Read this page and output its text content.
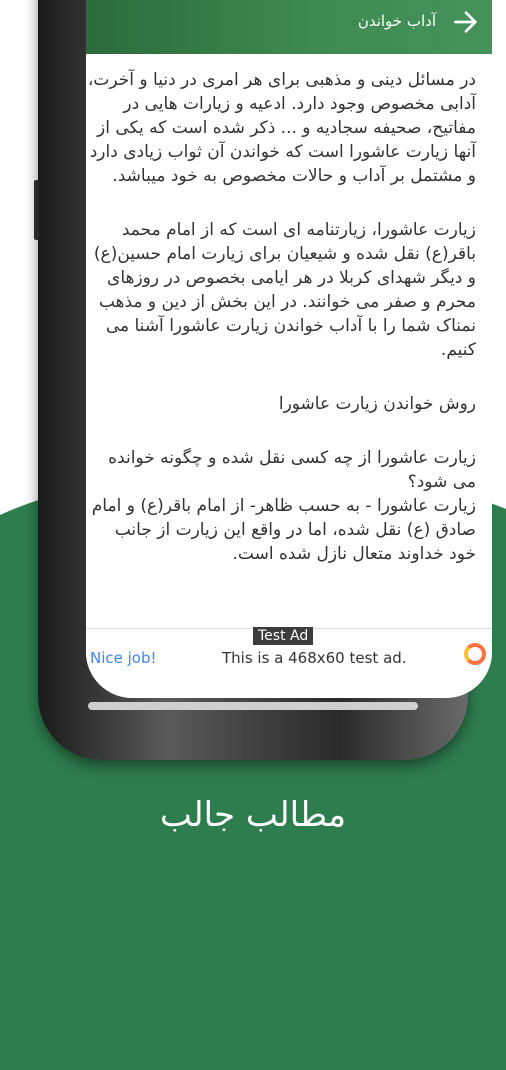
آداب خواندن

در مسائل دینی و مذهبی برای هر امری در دنیا و آخرت، آدابی مخصوص وجود دارد. ادعیه و زیارات هایی در مفاتیح، صحیفه سجادیه و ... ذکر شده است که یکی از آنها زیارت عاشورا است که خواندن آن ثواب زیادی دارد و مشتمل بر آداب و حالات مخصوص به خود میباشد.

زیارت عاشورا، زیارتنامه ای است که از امام محمد باقر(ع) نقل شده و شیعیان برای زیارت امام حسین(ع) و دیگر شهدای کربلا در هر ایامی بخصوص در روزهای محرم و صفر می خوانند. در این بخش از دین و مذهب نمناک شما را با آداب خواندن زیارت عاشورا آشنا می کنیم.

روش خواندن زیارت عاشورا

زیارت عاشورا از چه کسی نقل شده و چگونه خوانده می شود؟

زیارت عاشورا - به حسب ظاهر- از امام باقر(ع) و امام صادق (ع) نقل شده، اما در واقع این زیارت از جانب خود خداوند متعال نازل شده است.

Test Ad
Nice job!	This is a 468x60 test ad.
مطالب جالب
